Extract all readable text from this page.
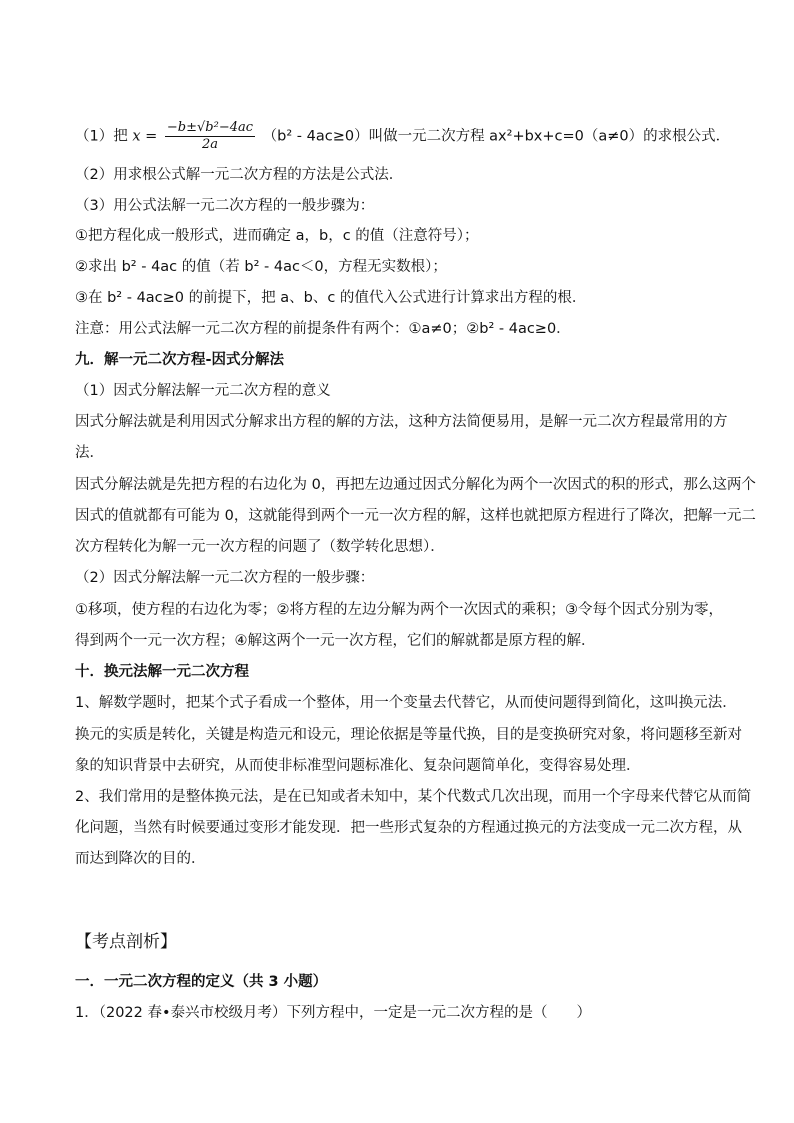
（1）把 $x = \frac{\text{−b±√b²−4ac}}{2a} (b^2 - 4ac\ge 0)$叫做一元二次方程 ax²+bx+c=0（a≠0）的求根公式．
（2）用求根公式解一元二次方程的方法是公式法．
（3）用公式法解一元二次方程的一般步骤为：
①把方程化成一般形式，进而确定 a，b，c 的值（注意符号）；
②求出 b² - 4ac 的值（若 b² - 4ac＜0，方程无实数根）；
③在 b² - 4ac≥0 的前提下，把 a、b、c 的值代入公式进行计算求出方程的根．
注意：用公式法解一元二次方程的前提条件有两个：①a≠0；②b² - 4ac≥0．
九．解一元二次方程-因式分解法
（1）因式分解法解一元二次方程的意义
因式分解法就是利用因式分解求出方程的解的方法，这种方法简便易用，是解一元二次方程最常用的方
法．
因式分解法就是先把方程的右边化为 0，再把左边通过因式分解化为两个一次因式的积的形式，那么这两个
因式的值就都有可能为 0，这就能得到两个一元一次方程的解，这样也就把原方程进行了降次，把解一元二
次方程转化为解一元一次方程的问题了（数学转化思想）．
（2）因式分解法解一元二次方程的一般步骤：
①移项，使方程的右边化为零；②将方程的左边分解为两个一次因式的乘积；③令每个因式分别为零，
得到两个一元一次方程；④解这两个一元一次方程，它们的解就都是原方程的解．
十．换元法解一元二次方程
1、解数学题时，把某个式子看成一个整体，用一个变量去代替它，从而使问题得到简化，这叫换元法．
换元的实质是转化，关键是构造元和设元，理论依据是等量代换，目的是变换研究对象，将问题移至新对
象的知识背景中去研究，从而使非标准型问题标准化、复杂问题简单化，变得容易处理．
2、我们常用的是整体换元法，是在已知或者未知中，某个代数式几次出现，而用一个字母来代替它从而简
化问题，当然有时候要通过变形才能发现．把一些形式复杂的方程通过换元的方法变成一元二次方程，从
而达到降次的目的．
【考点剖析】
一．一元二次方程的定义（共 3 小题）
1．（2022 春•泰兴市校级月考）下列方程中，一定是一元二次方程的是（　　）
